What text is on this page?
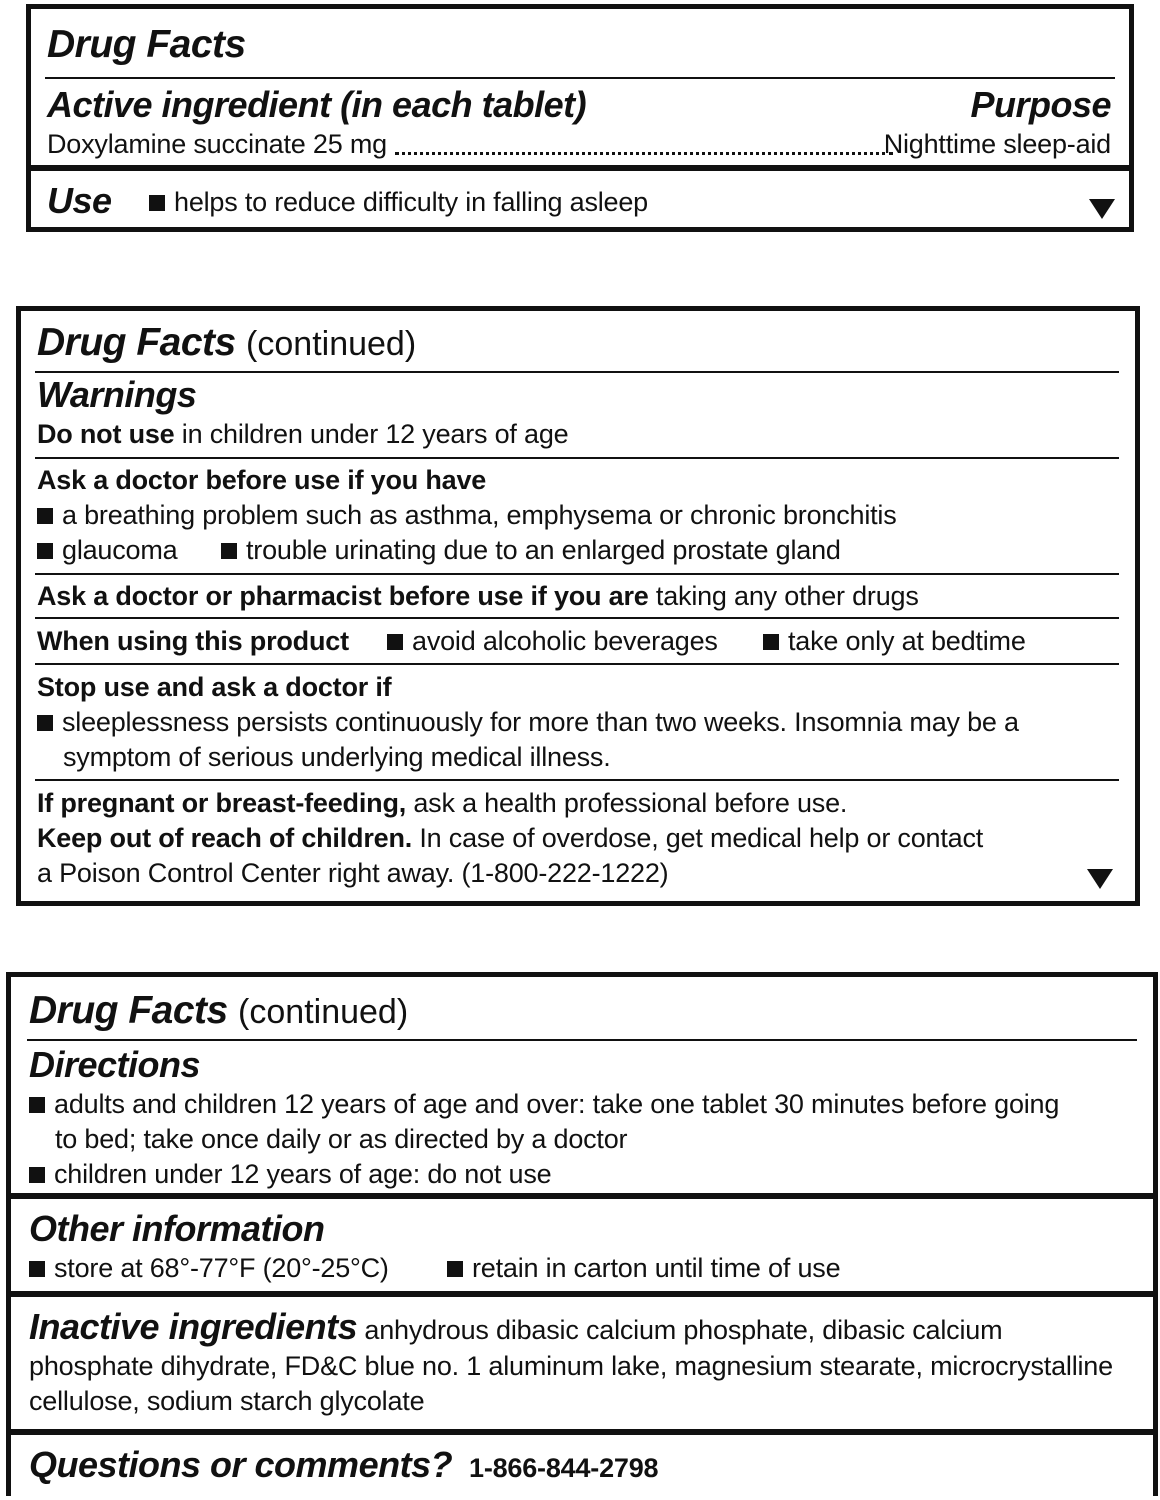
Drug Facts
Active ingredient (in each tablet)	Purpose
Doxylamine succinate 25 mg	Nighttime sleep-aid
Use	helps to reduce difficulty in falling asleep
Drug Facts (continued)
Warnings
Do not use in children under 12 years of age
Ask a doctor before use if you have
a breathing problem such as asthma, emphysema or chronic bronchitis
glaucoma	trouble urinating due to an enlarged prostate gland
Ask a doctor or pharmacist before use if you are taking any other drugs
When using this product	avoid alcoholic beverages	take only at bedtime
Stop use and ask a doctor if
sleeplessness persists continuously for more than two weeks. Insomnia may be a
symptom of serious underlying medical illness.
If pregnant or breast-feeding, ask a health professional before use.
Keep out of reach of children. In case of overdose, get medical help or contact
a Poison Control Center right away. (1-800-222-1222)
Drug Facts (continued)
Directions
adults and children 12 years of age and over: take one tablet 30 minutes before going
to bed; take once daily or as directed by a doctor
children under 12 years of age: do not use
Other information
store at 68°-77°F (20°-25°C)	retain in carton until time of use
Inactive ingredients anhydrous dibasic calcium phosphate, dibasic calcium
phosphate dihydrate, FD&C blue no. 1 aluminum lake, magnesium stearate, microcrystalline
cellulose, sodium starch glycolate
Questions or comments? 1-866-844-2798
